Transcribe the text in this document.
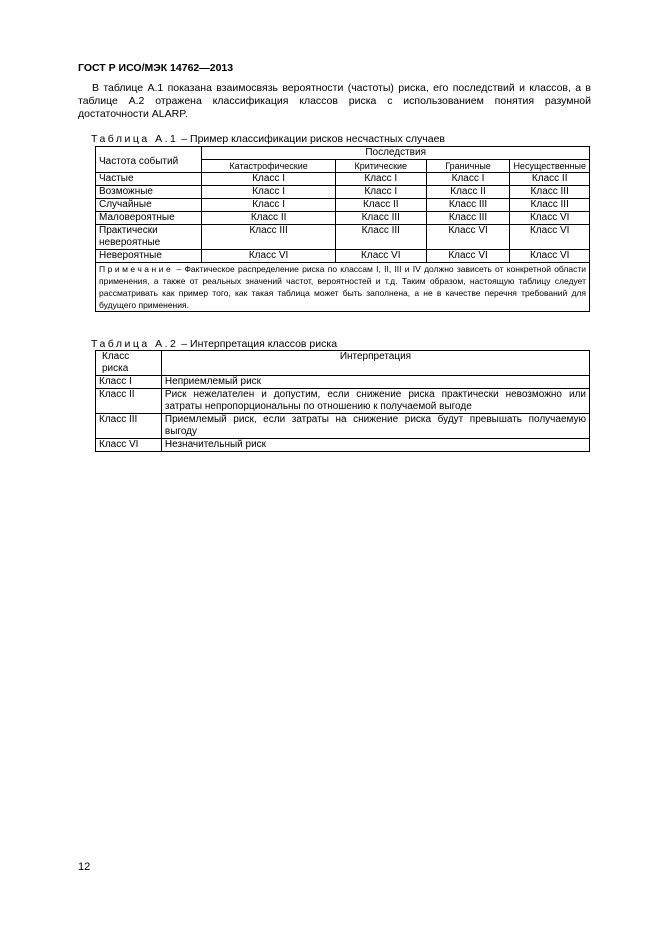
ГОСТ Р ИСО/МЭК 14762—2013

В таблице А.1 показана взаимосвязь вероятности (частоты) риска, его последствий и классов, а в таблице А.2 отражена классификация классов риска с использованием понятия разумной достаточности ALARP.

Таблица А.1 – Пример классификации рисков несчастных случаев
Частота событий	Последствия			
	Катастрофические	Критические	Граничные	Несущественные
Частые	Класс I	Класс I	Класс I	Класс II
Возможные	Класс I	Класс I	Класс II	Класс III
Случайные	Класс I	Класс II	Класс III	Класс III
Маловероятные	Класс II	Класс III	Класс III	Класс VI
Практически невероятные	Класс III	Класс III	Класс VI	Класс VI
Невероятные	Класс VI	Класс VI	Класс VI	Класс VI
Примечание – Фактическое распределение риска по классам I, II, III и IV должно зависеть от конкретной области применения, а также от реальных значений частот, вероятностей и т.д. Таким образом, настоящую таблицу следует рассматривать как пример того, как такая таблица может быть заполнена, а не в качестве перечня требований для будущего применения.				
Таблица А.2 – Интерпретация классов риска
Класс риска	Интерпретация
Класс I	Неприемлемый риск
Класс II	Риск нежелателен и допустим, если снижение риска практически невозможно или затраты непропорциональны по отношению к получаемой выгоде
Класс III	Приемлемый риск, если затраты на снижение риска будут превышать получаемую выгоду
Класс VI	Незначительный риск
12
